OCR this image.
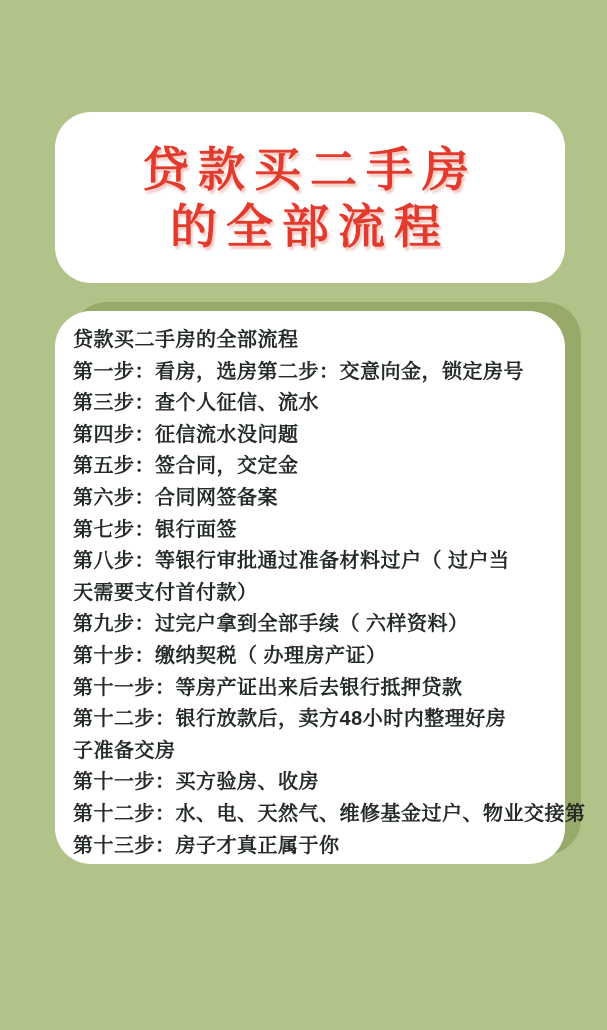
贷款买二手房
的全部流程
贷款买二手房的全部流程
第一步：看房，选房第二步：交意向金，锁定房号
第三步：查个人征信、流水
第四步：征信流水没问题
第五步：签合同，交定金
第六步：合同网签备案
第七步：银行面签
第八步：等银行审批通过准备材料过户（ 过户当
天需要支付首付款）
第九步：过完户拿到全部手续（ 六样资料）
第十步：缴纳契税（ 办理房产证）
第十一步：等房产证出来后去银行抵押贷款
第十二步：银行放款后，卖方48小时内整理好房
子准备交房
第十一步：买方验房、收房
第十二步：水、电、天然气、维修基金过户、物业交接第
第十三步：房子才真正属于你
